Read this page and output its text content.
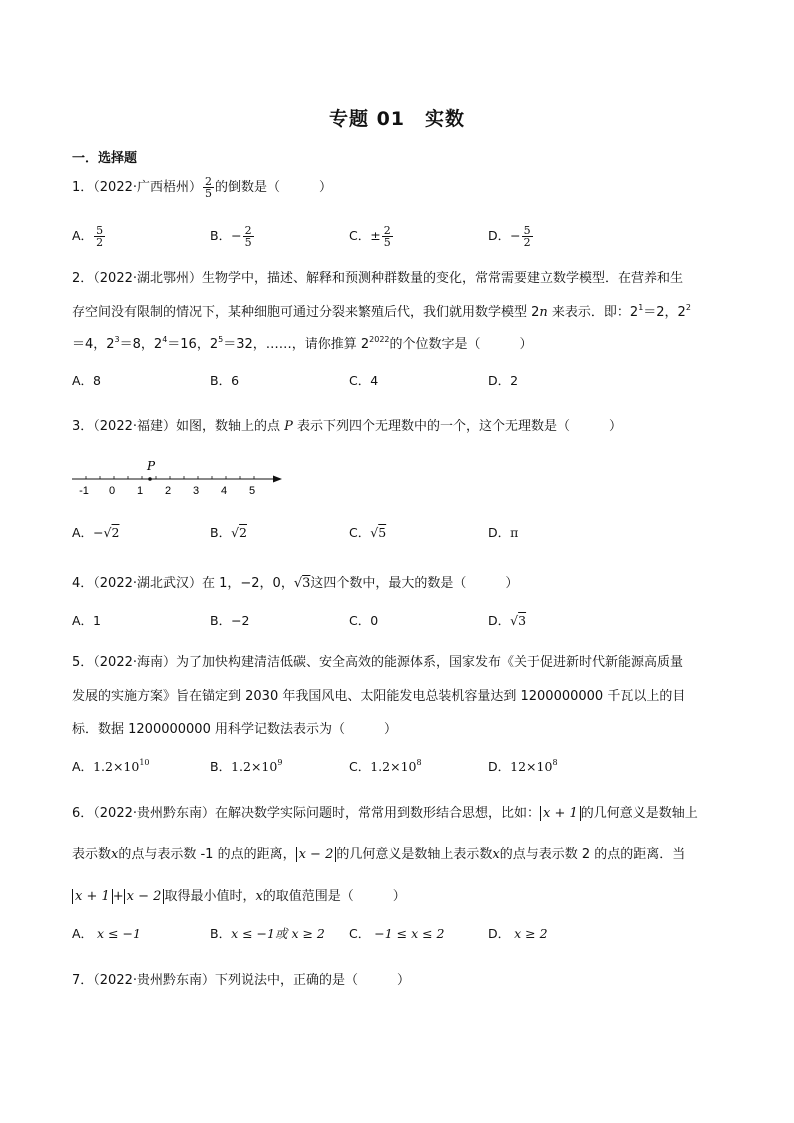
专题 01　实数
一．选择题
1．（2022·广西梧州） $\frac{2}{5}$ 的倒数是（　　　）
A． $\frac{5}{2}$	B．− $\frac{2}{5}$	C．± $\frac{2}{5}$	D．− $\frac{5}{2}$
2．（2022·湖北鄂州）生物学中，描述、解释和预测种群数量的变化，常常需要建立数学模型．在营养和生
存空间没有限制的情况下，某种细胞可通过分裂来繁殖后代，我们就用数学模型 2n 来表示．即：$2^1=2$，$2^2$
＝4，$2^3=8$，$2^4=16$，$2^5=32$，……，请你推算 $2^{2022}$的个位数字是（　　　）
A．8	B．6	C．4	D．2
3．（2022·福建）如图，数轴上的点 P 表示下列四个无理数中的一个，这个无理数是（　　　）
-1 0 1 2 3 4 5
P
A．−√2	B．√2	C．√5	D．π
4．（2022·湖北武汉）在 1，−2，0，√3这四个数中，最大的数是（　　　）
A．1	B．−2	C．0	D．√3
5．（2022·海南）为了加快构建清洁低碳、安全高效的能源体系，国家发布《关于促进新时代新能源高质量
发展的实施方案》旨在锚定到 2030 年我国风电、太阳能发电总装机容量达到 1200000000 千瓦以上的目
标．数据 1200000000 用科学记数法表示为（　　　）
A．$1.2\times 10^{10}$	B．$1.2\times 10^9$	C．$1.2\times 10^8$	D．$12\times 10^8$
6．（2022·贵州黔东南）在解决数学实际问题时，常常用到数形结合思想，比如： x + 1 的几何意义是数轴上
表示数x的点与表示数 -1 的点的距离， x − 2 的几何意义是数轴上表示数x的点与表示数 2 的点的距离．当
x + 1 + x − 2 取得最小值时，x的取值范围是（　　　）
A． x ≤ −1	B．x ≤ −1或 x ≥ 2 C． −1 ≤ x ≤ 2	D． x ≥ 2
7．（2022·贵州黔东南）下列说法中，正确的是（　　　）
